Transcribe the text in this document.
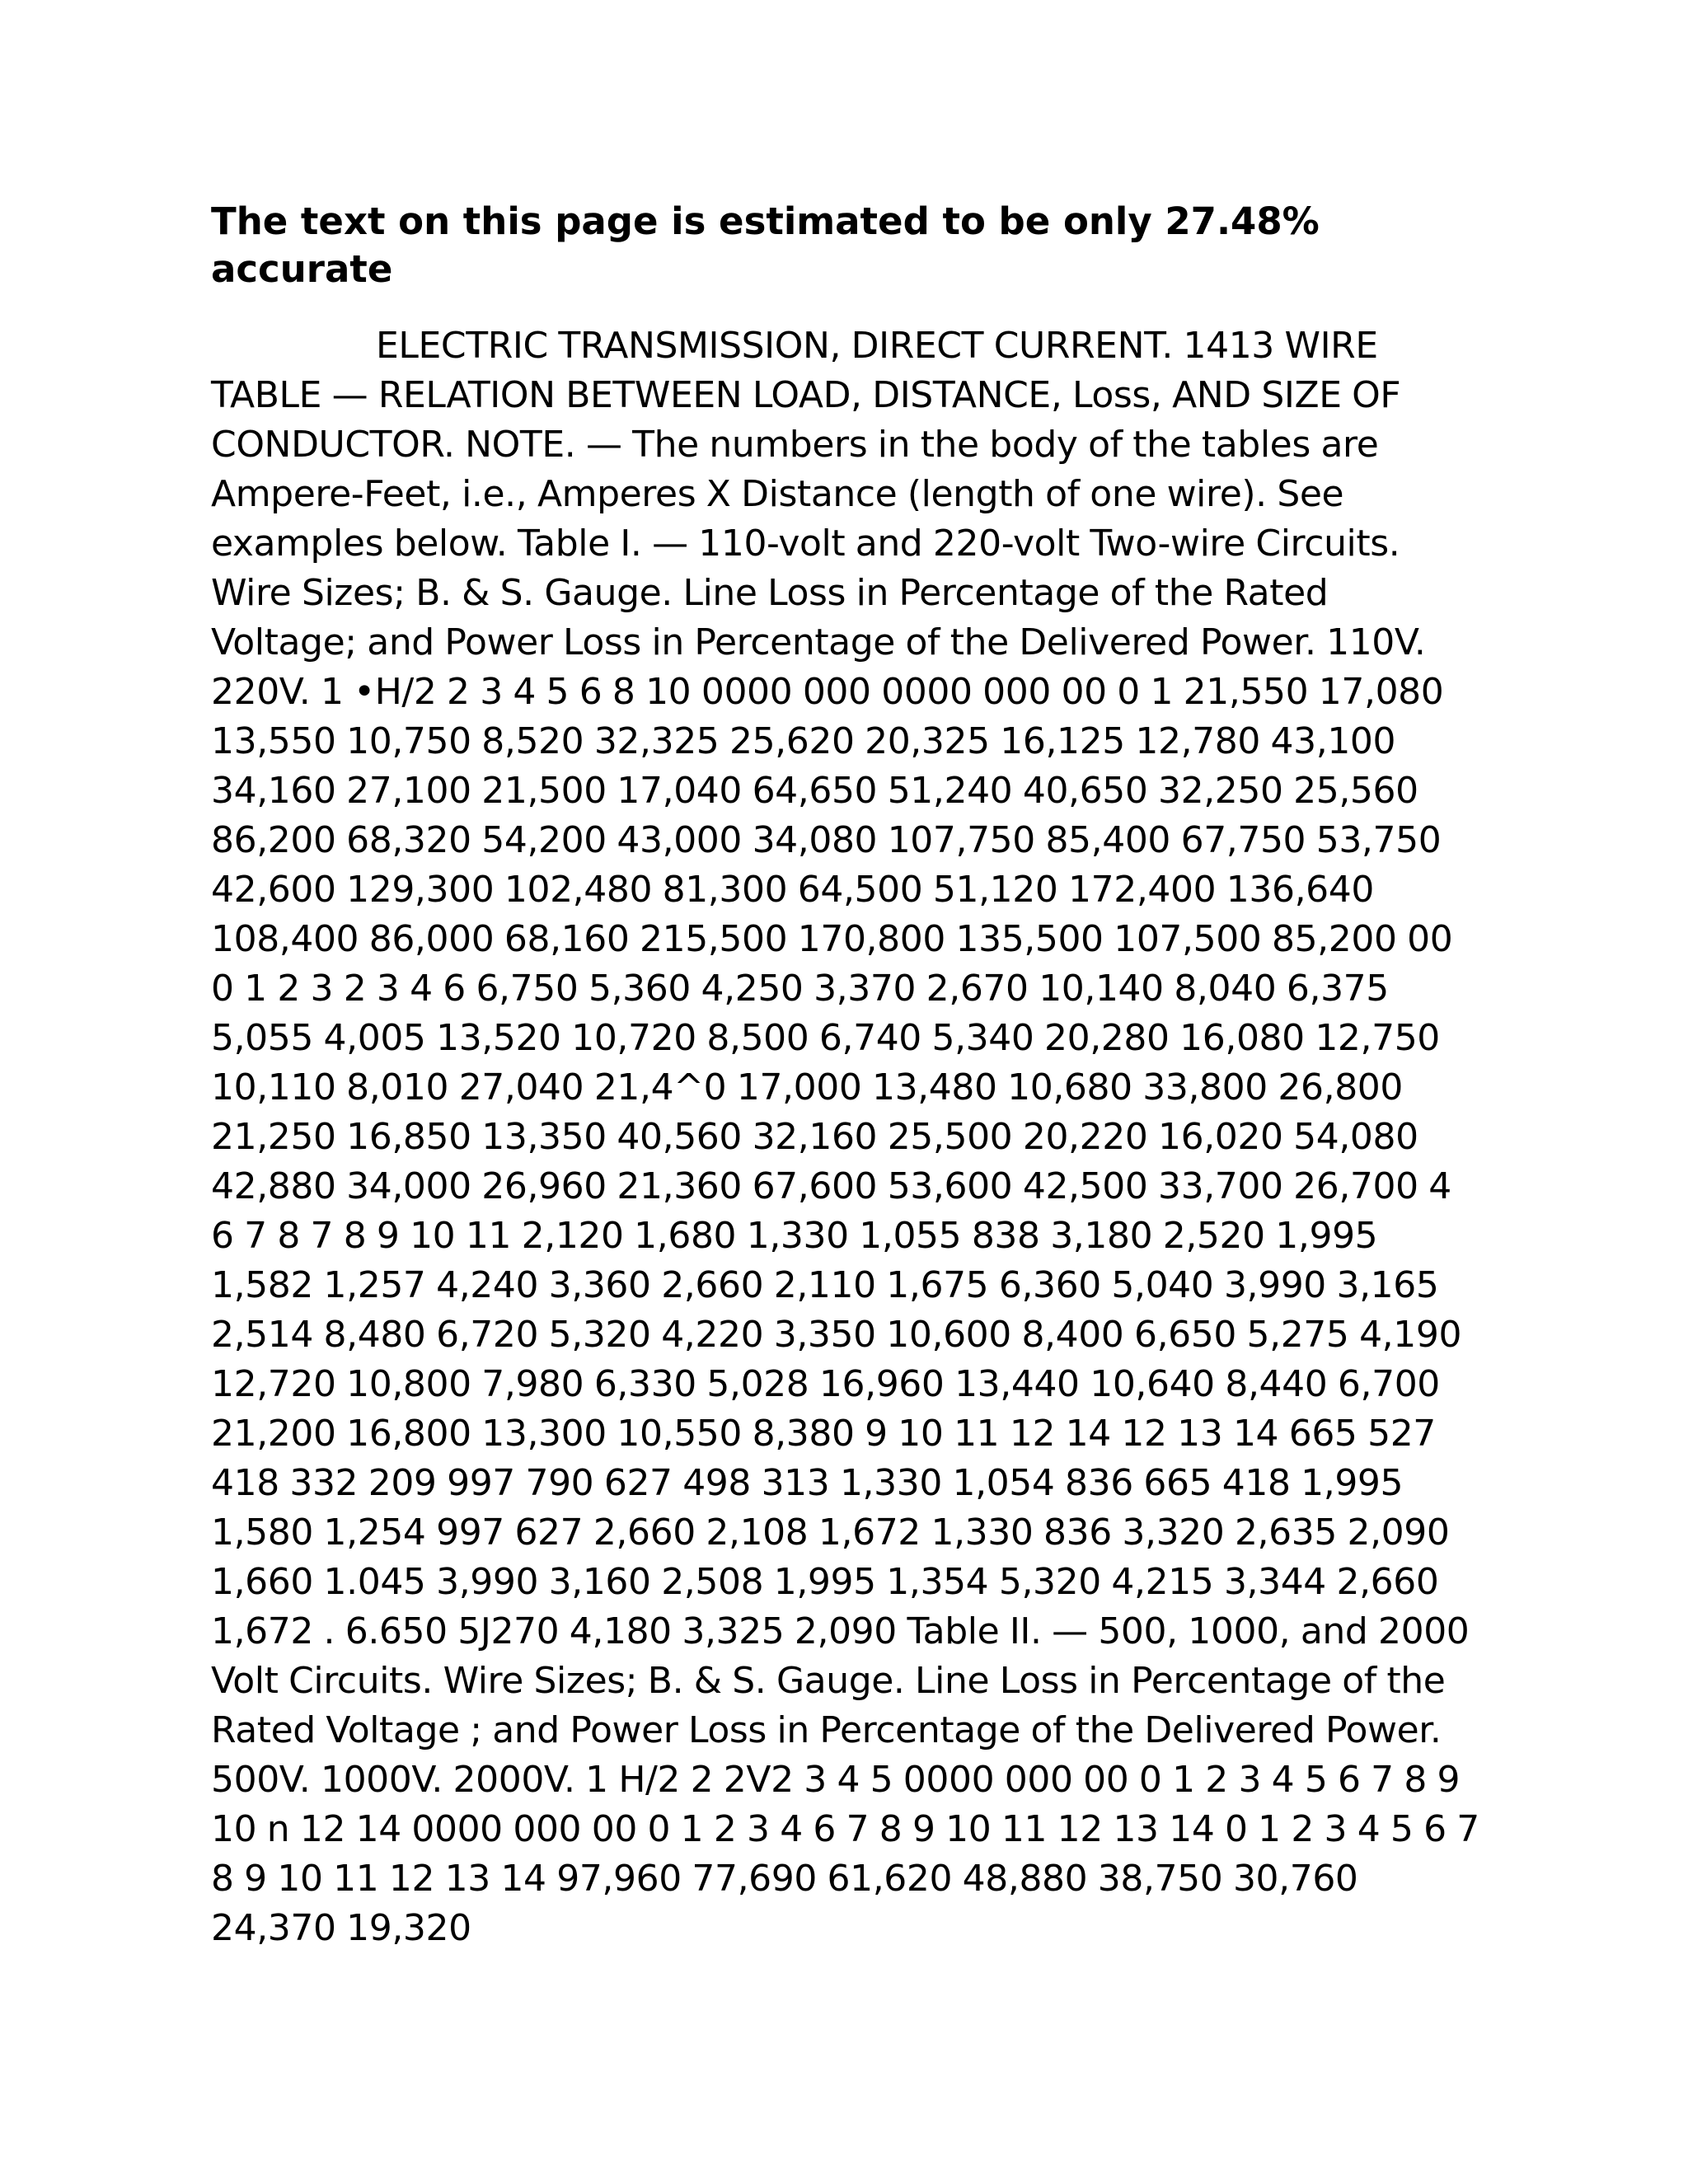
The text on this page is estimated to be only 27.48% accurate

ELECTRIC TRANSMISSION, DIRECT CURRENT. 1413 WIRE TABLE — RELATION BETWEEN LOAD, DISTANCE, Loss, AND SIZE OF CONDUCTOR. NOTE. — The numbers in the body of the tables are Ampere-Feet, i.e., Amperes X Distance (length of one wire). See examples below. Table I. — 110-volt and 220-volt Two-wire Circuits. Wire Sizes; B. & S. Gauge. Line Loss in Percentage of the Rated Voltage; and Power Loss in Percentage of the Delivered Power. 110V. 220V. 1 •H/2 2 3 4 5 6 8 10 0000 000 0000 000 00 0 1 21,550 17,080 13,550 10,750 8,520 32,325 25,620 20,325 16,125 12,780 43,100 34,160 27,100 21,500 17,040 64,650 51,240 40,650 32,250 25,560 86,200 68,320 54,200 43,000 34,080 107,750 85,400 67,750 53,750 42,600 129,300 102,480 81,300 64,500 51,120 172,400 136,640 108,400 86,000 68,160 215,500 170,800 135,500 107,500 85,200 00 0 1 2 3 2 3 4 6 6,750 5,360 4,250 3,370 2,670 10,140 8,040 6,375 5,055 4,005 13,520 10,720 8,500 6,740 5,340 20,280 16,080 12,750 10,110 8,010 27,040 21,4^0 17,000 13,480 10,680 33,800 26,800 21,250 16,850 13,350 40,560 32,160 25,500 20,220 16,020 54,080 42,880 34,000 26,960 21,360 67,600 53,600 42,500 33,700 26,700 4 6 7 8 7 8 9 10 11 2,120 1,680 1,330 1,055 838 3,180 2,520 1,995 1,582 1,257 4,240 3,360 2,660 2,110 1,675 6,360 5,040 3,990 3,165 2,514 8,480 6,720 5,320 4,220 3,350 10,600 8,400 6,650 5,275 4,190 12,720 10,800 7,980 6,330 5,028 16,960 13,440 10,640 8,440 6,700 21,200 16,800 13,300 10,550 8,380 9 10 11 12 14 12 13 14 665 527 418 332 209 997 790 627 498 313 1,330 1,054 836 665 418 1,995 1,580 1,254 997 627 2,660 2,108 1,672 1,330 836 3,320 2,635 2,090 1,660 1.045 3,990 3,160 2,508 1,995 1,354 5,320 4,215 3,344 2,660 1,672 . 6.650 5J270 4,180 3,325 2,090 Table II. — 500, 1000, and 2000 Volt Circuits. Wire Sizes; B. & S. Gauge. Line Loss in Percentage of the Rated Voltage ; and Power Loss in Percentage of the Delivered Power. 500V. 1000V. 2000V. 1 H/2 2 2V2 3 4 5 0000 000 00 0 1 2 3 4 5 6 7 8 9 10 n 12 14 0000 000 00 0 1 2 3 4 6 7 8 9 10 11 12 13 14 0 1 2 3 4 5 6 7 8 9 10 11 12 13 14 97,960 77,690 61,620 48,880 38,750 30,760 24,370 19,320
